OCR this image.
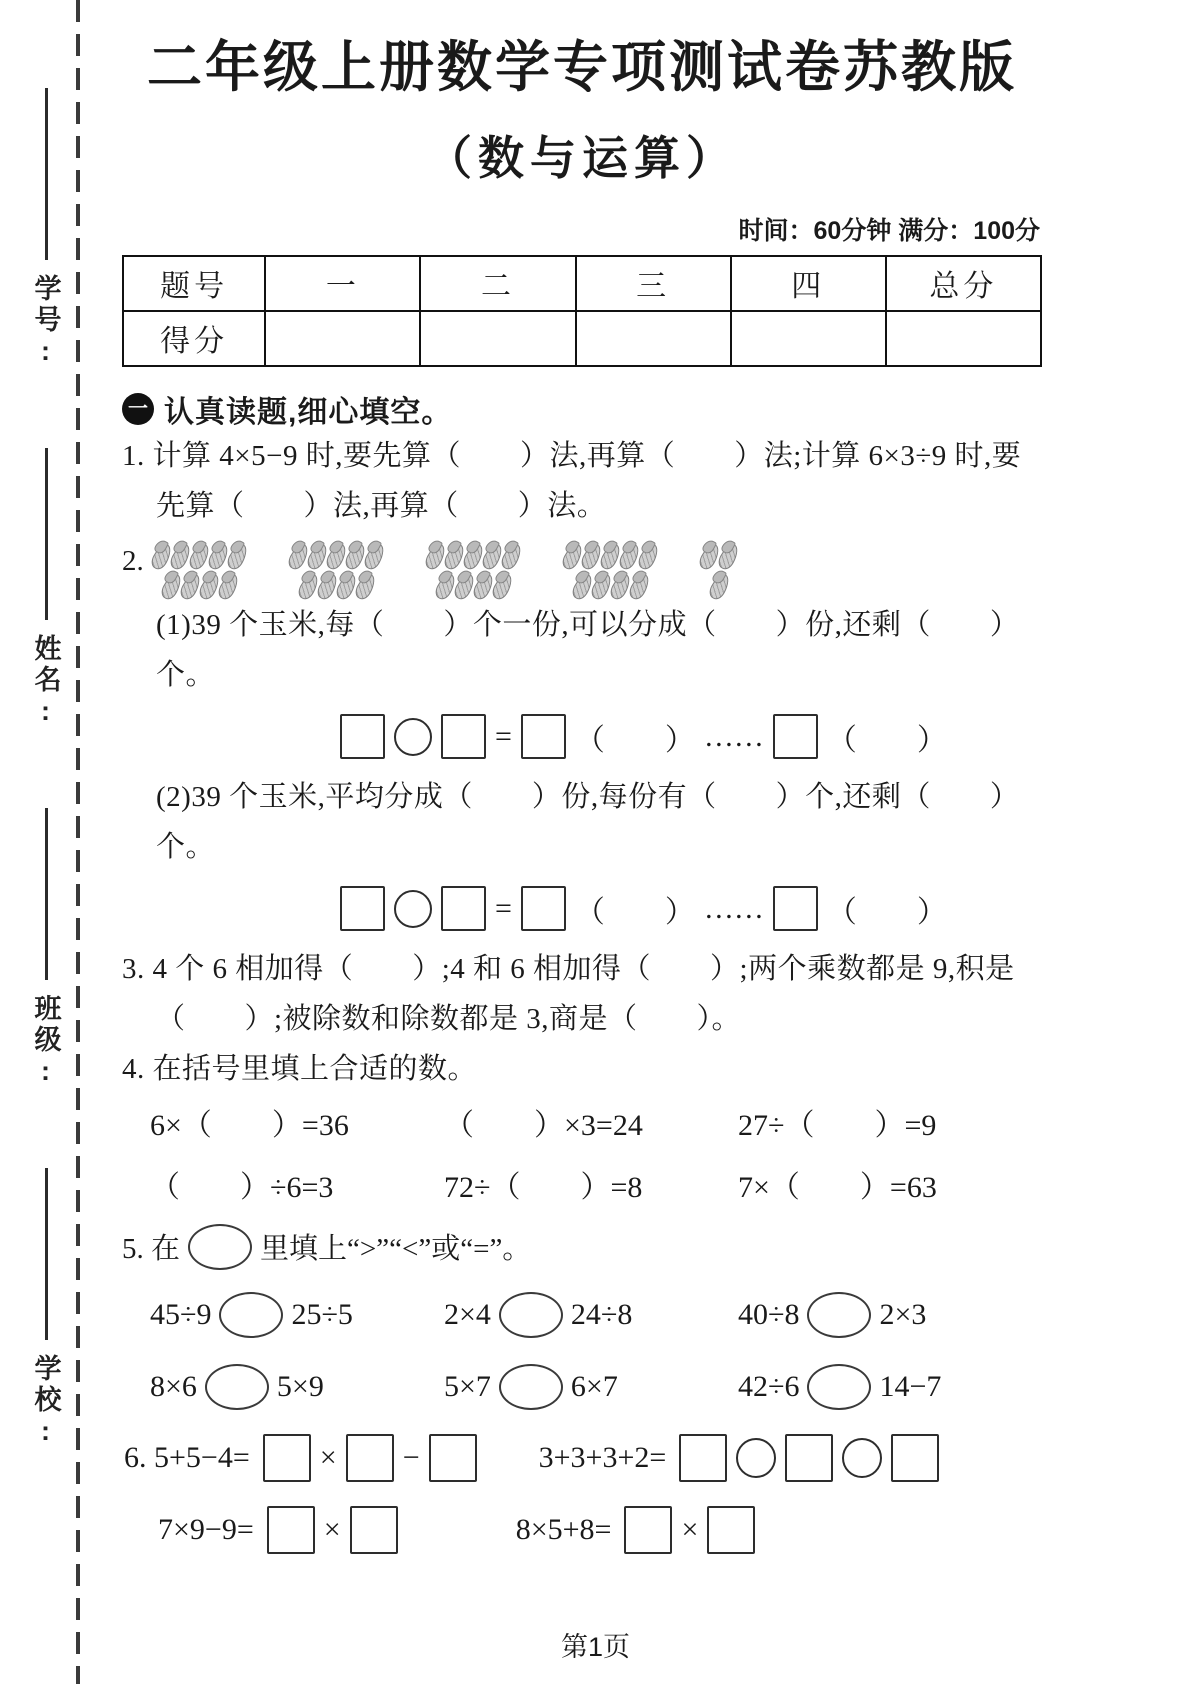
学号:
姓名:
班级:
学校:
二年级上册数学专项测试卷苏教版
（数与运算）
时间：60分钟 满分：100分
题号	一	二	三	四	总分
得分					
一 认真读题,细心填空。
1. 计算 4×5−9 时,要先算（　　）法,再算（　　）法;计算 6×3÷9 时,要
先算（　　）法,再算（　　）法。
2.
(1)39 个玉米,每（　　）个一份,可以分成（　　）份,还剩（　　）个。
= （　　） …… （　　）
(2)39 个玉米,平均分成（　　）份,每份有（　　）个,还剩（　　）个。
= （　　） …… （　　）
3. 4 个 6 相加得（　　）;4 和 6 相加得（　　）;两个乘数都是 9,积是
（　　）;被除数和除数都是 3,商是（　　）。
4. 在括号里填上合适的数。
6×（　　）=36	（　　）×3=24	27÷（　　）=9
（　　）÷6=3	72÷（　　）=8	7×（　　）=63
5. 在	里填上“>”“<”或“=”。
45÷9	25÷5	2×4	24÷8	40÷8	2×3
8×6	5×9	5×7	6×7	42÷6	14−7
6. 5+5−4= × −	3+3+3+2=
7×9−9= ×	8×5+8= ×
第1页
